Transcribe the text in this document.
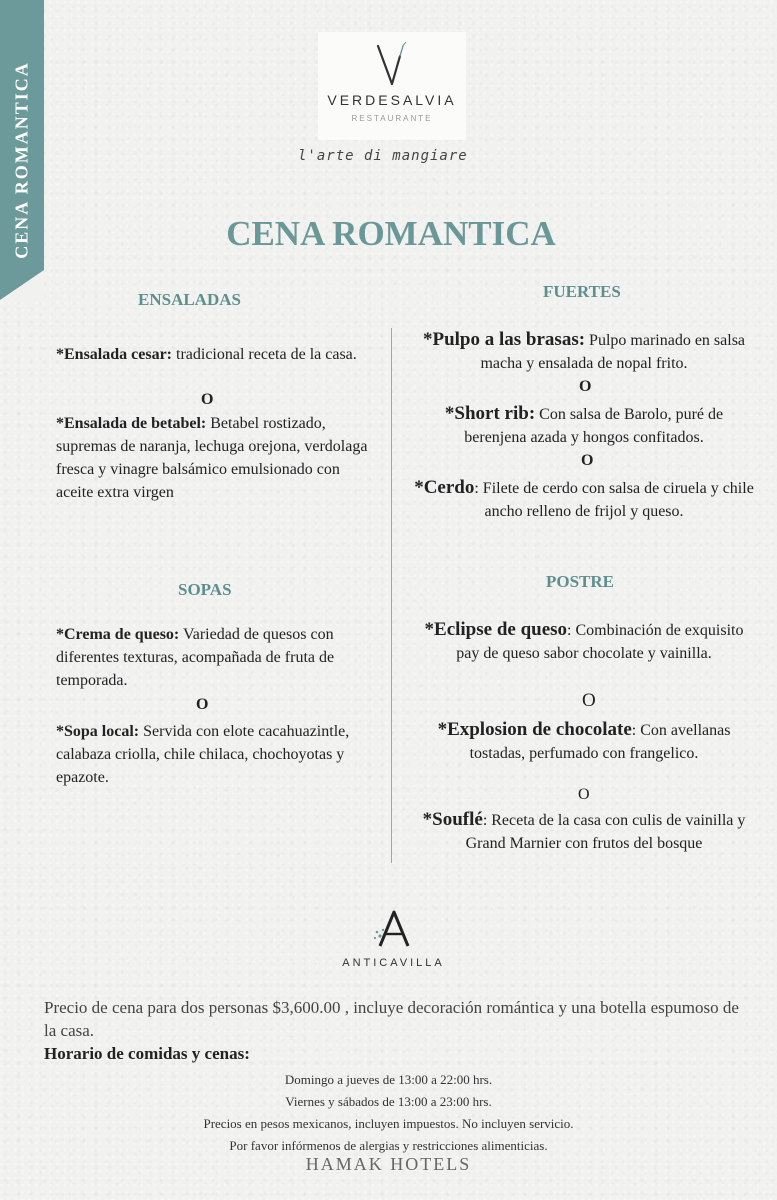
CENA ROMANTICA	VERDESALVIA
RESTAURANTE
l'arte di mangiare
CENA ROMANTICA
ENSALADAS
*Ensalada cesar: tradicional receta de la casa.
O
*Ensalada de betabel: Betabel rostizado, supremas de naranja, lechuga orejona, verdolaga fresca y vinagre balsámico emulsionado con aceite extra virgen
SOPAS
*Crema de queso: Variedad de quesos con diferentes texturas, acompañada de fruta de temporada.
O
*Sopa local: Servida con elote cacahuazintle, calabaza criolla, chile chilaca, chochoyotas y epazote.
FUERTES
*Pulpo a las brasas: Pulpo marinado en salsa macha y ensalada de nopal frito.
O
*Short rib: Con salsa de Barolo, puré de berenjena azada y hongos confitados.
O
*Cerdo: Filete de cerdo con salsa de ciruela y chile ancho relleno de frijol y queso.
POSTRE
*Eclipse de queso: Combinación de exquisito pay de queso sabor chocolate y vainilla.
O
*Explosion de chocolate: Con avellanas tostadas, perfumado con frangelico.
O
*Souflé: Receta de la casa con culis de vainilla y Grand Marnier con frutos del bosque
ANTICAVILLA
Precio de cena para dos personas $3,600.00 , incluye decoración romántica y una botella espumoso de la casa.
Horario de comidas y cenas:
Domingo a jueves de 13:00 a 22:00 hrs.
Viernes y sábados de 13:00 a 23:00 hrs.
Precios en pesos mexicanos, incluyen impuestos. No incluyen servicio.
Por favor infórmenos de alergias y restricciones alimenticias.
HAMAK HOTELS
